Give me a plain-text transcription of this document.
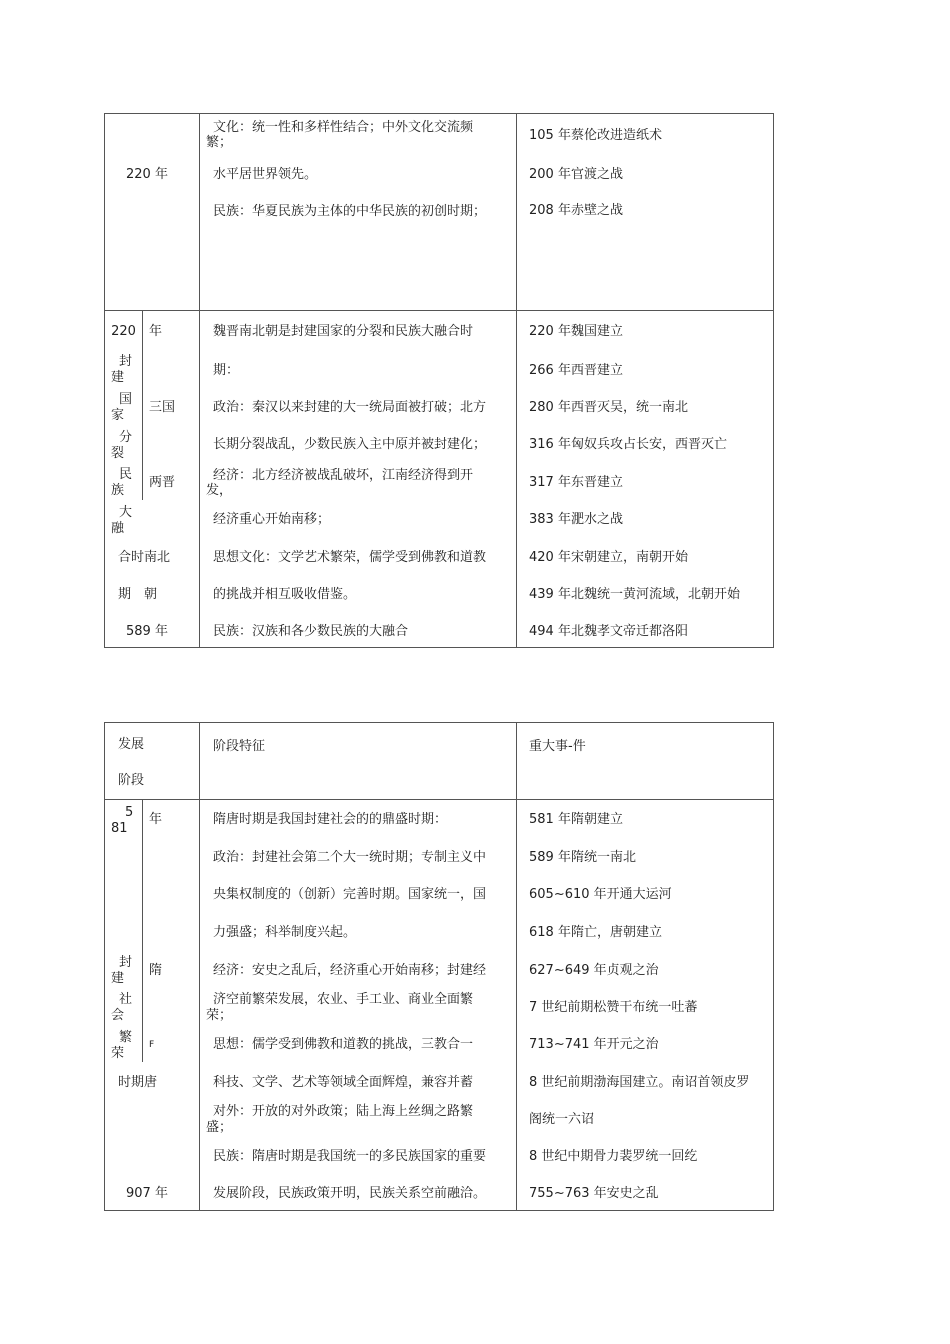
220 年
文化：统一性和多样性结合；中外文化交流频
繁；
水平居世界领先。
民族：华夏民族为主体的中华民族的初创时期；
105 年蔡伦改进造纸术
200 年官渡之战
208 年赤壁之战
220
封
建
国
家
分
裂
民
族
大
融
合时南北
期　朝
589 年
年
三国
两晋
魏晋南北朝是封建国家的分裂和民族大融合时
期：
政治：秦汉以来封建的大一统局面被打破；北方
长期分裂战乱，少数民族入主中原并被封建化；
经济：北方经济被战乱破坏，江南经济得到开
发，
经济重心开始南移；
思想文化：文学艺术繁荣，儒学受到佛教和道教
的挑战并相互吸收借鉴。
民族：汉族和各少数民族的大融合
220 年魏国建立
266 年西晋建立
280 年西晋灭吴，统一南北
316 年匈奴兵攻占长安，西晋灭亡
317 年东晋建立
383 年淝水之战
420 年宋朝建立，南朝开始
439 年北魏统一黄河流域，北朝开始
494 年北魏孝文帝迁都洛阳
发展
阶段
阶段特征	重大事-件
5
81
封
建
社
会
繁
荣
时期唐
907 年
年
隋
F
隋唐时期是我国封建社会的的鼎盛时期：
政治：封建社会第二个大一统时期；专制主义中
央集权制度的（创新）完善时期。国家统一，国
力强盛；科举制度兴起。
经济：安史之乱后，经济重心开始南移；封建经
济空前繁荣发展，农业、手工业、商业全面繁
荣；
思想：儒学受到佛教和道教的挑战，三教合一
科技、文学、艺术等领域全面辉煌，兼容并蓄
对外：开放的对外政策；陆上海上丝绸之路繁
盛；
民族：隋唐时期是我国统一的多民族国家的重要
发展阶段，民族政策开明，民族关系空前融洽。
581 年隋朝建立
589 年隋统一南北
605~610 年开通大运河
618 年隋亡，唐朝建立
627~649 年贞观之治
7 世纪前期松赞干布统一吐蕃
713~741 年开元之治
8 世纪前期渤海国建立。南诏首领皮罗
阁统一六诏
8 世纪中期骨力裴罗统一回纥
755~763 年安史之乱
